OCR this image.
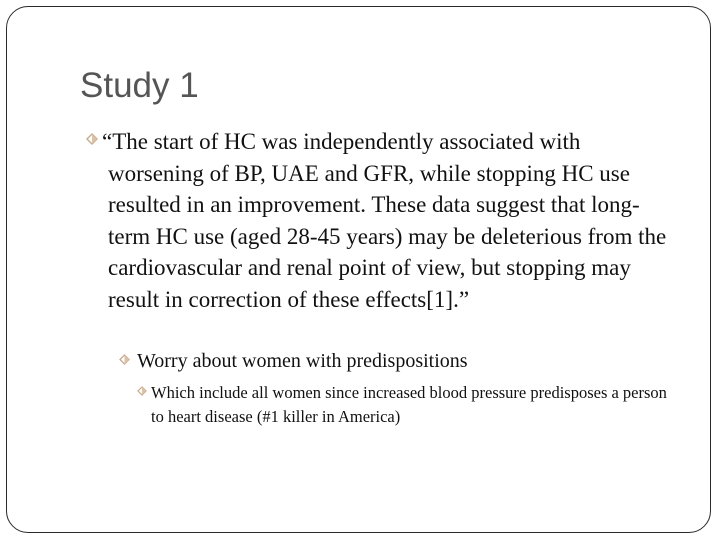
Study 1
“The start of HC was independently associated with worsening of BP, UAE and GFR, while stopping HC use resulted in an improvement. These data suggest that long-term HC use (aged 28-45 years) may be deleterious from the cardiovascular and renal point of view, but stopping may result in correction of these effects[1].”
Worry about women with predispositions
Which include all women since increased blood pressure predisposes a person to heart disease (#1 killer in America)
